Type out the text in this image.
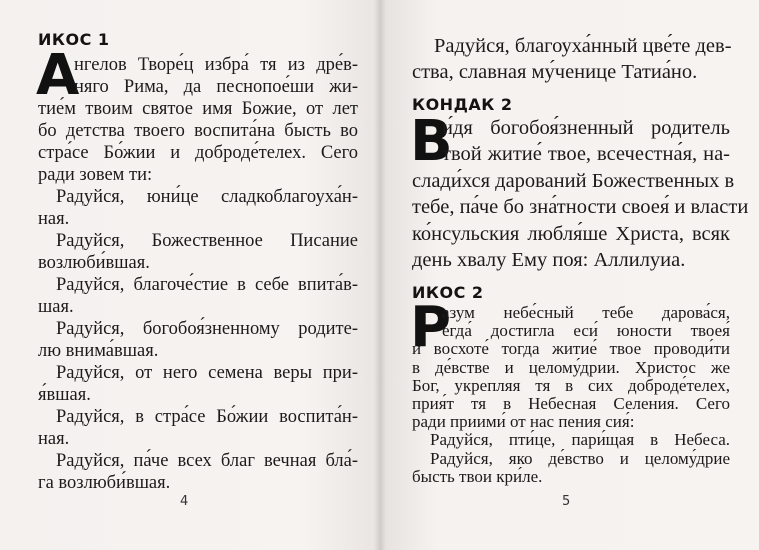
ИКОС 1
А
нгелов Творе́ц избра́ тя из дре́в-
няго Рима, да песнопое́ши жи-
тие́м твоим святое имя Божие, от лет
бо детства твоего воспита́на бысть во
стра́се Бо́жии и доброде́телех. Сего
ради зовем ти:
Радуйся, юни́це сладкоблагоуха́н-
ная.
Радуйся, Божественное Писание
возлюби́вшая.
Радуйся, благоче́стие в себе впита́в-
шая.
Радуйся, богобоя́зненному родите-
лю внима́вшая.
Радуйся, от него семена веры при-
я́вшая.
Радуйся, в стра́се Бо́жии воспита́н-
ная.
Радуйся, па́че всех благ вечная бла́-
га возлюби́вшая.
4
Радуйся, благоуха́нный цве́те дев-
ства, славная му́ченице Татиа́но.
КОНДАК 2
В
и́дя богобоя́зненный родитель
твой житие́ твое, всечестна́я, на-
слади́хся дарований Божественных в
тебе, па́че бо зна́тности своея́ и власти
ко́нсульския любля́ше Христа, всяк
день хвалу Ему поя: Аллилуиа.
ИКОС 2
Р
азум небе́сный тебе дарова́ся,
егда́ достигла еси́ юности твоея́
и восхоте́ тогда житие́ твое проводи́ти
в де́встве и целому́дрии. Христос же
Бог, укрепляя тя в сих доброде́телех,
прия́т тя в Небесная Селения. Сего
ради приими́ от нас пения сия́:
Радуйся, пти́це, пари́щая в Небеса.
Радуйся, яко де́вство и целому́дрие
бысть твои кри́ле.
5
